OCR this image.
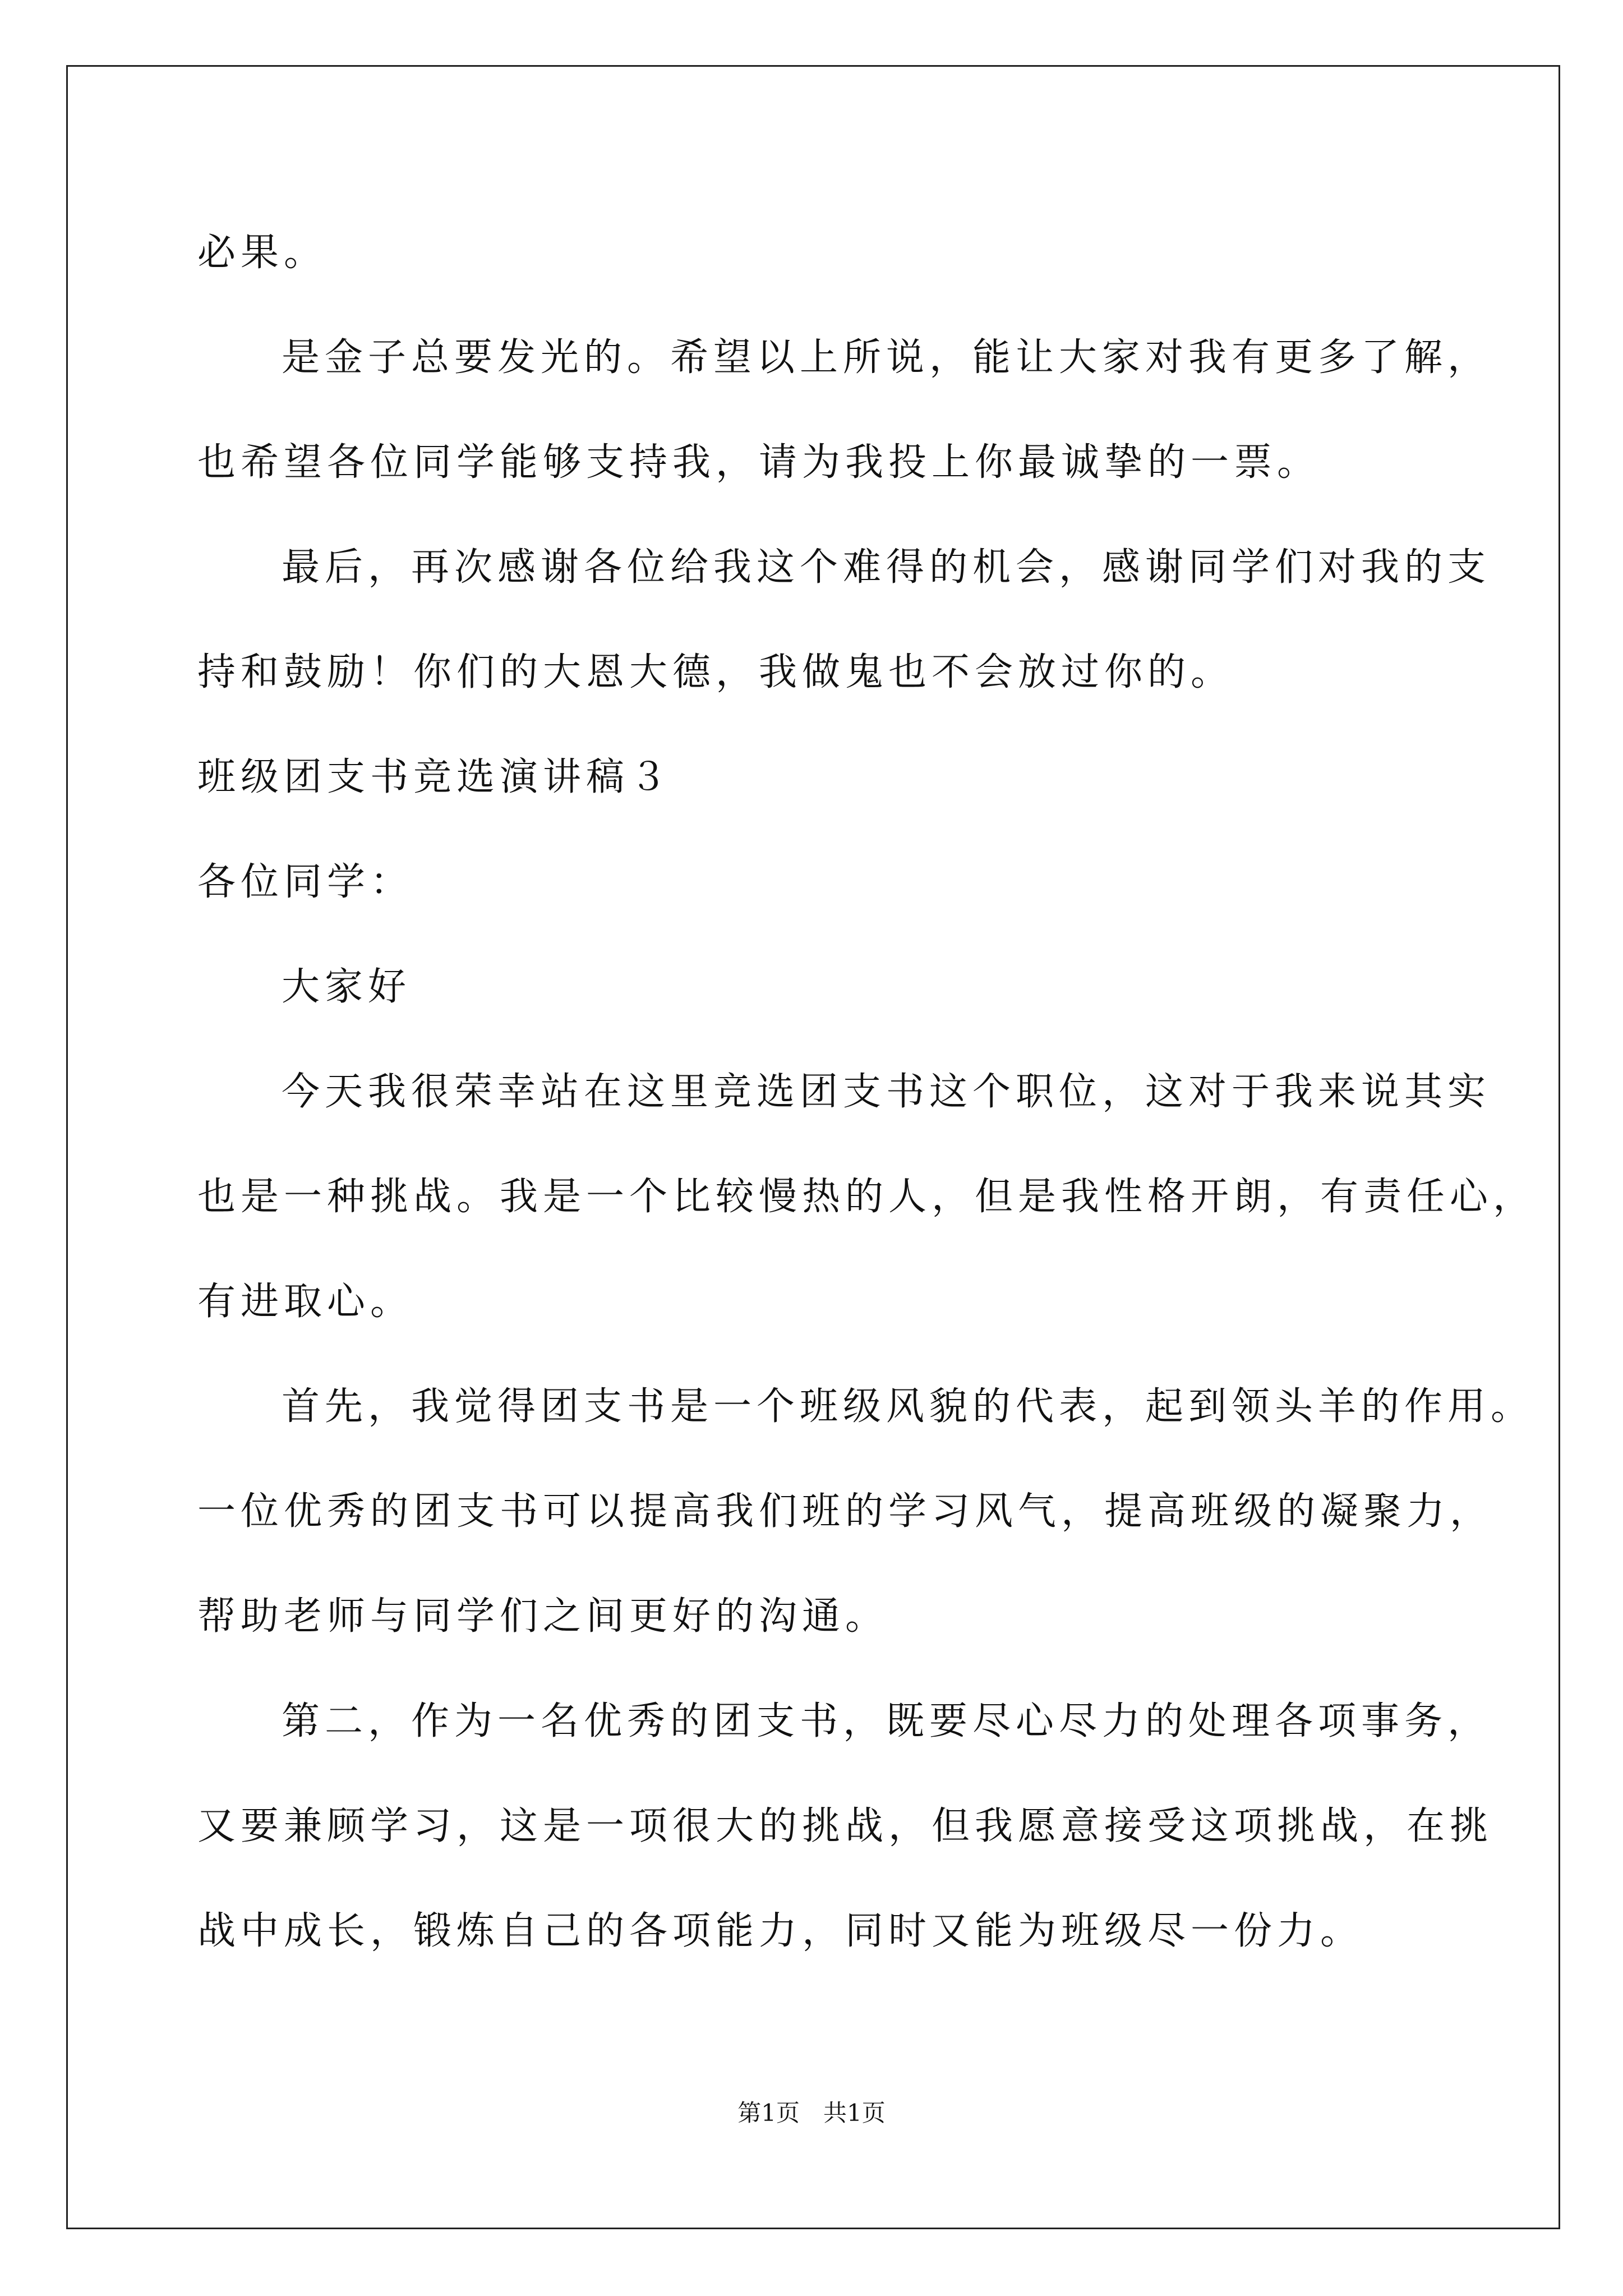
必果。
是金子总要发光的。希望以上所说，能让大家对我有更多了解，
也希望各位同学能够支持我，请为我投上你最诚挚的一票。
最后，再次感谢各位给我这个难得的机会，感谢同学们对我的支
持和鼓励！你们的大恩大德，我做鬼也不会放过你的。
班级团支书竞选演讲稿３
各位同学：
大家好
今天我很荣幸站在这里竞选团支书这个职位，这对于我来说其实
也是一种挑战。我是一个比较慢热的人，但是我性格开朗，有责任心，
有进取心。
首先，我觉得团支书是一个班级风貌的代表，起到领头羊的作用。
一位优秀的团支书可以提高我们班的学习风气，提高班级的凝聚力，
帮助老师与同学们之间更好的沟通。
第二，作为一名优秀的团支书，既要尽心尽力的处理各项事务，
又要兼顾学习，这是一项很大的挑战，但我愿意接受这项挑战，在挑
战中成长，锻炼自己的各项能力，同时又能为班级尽一份力。
第1页　共1页
